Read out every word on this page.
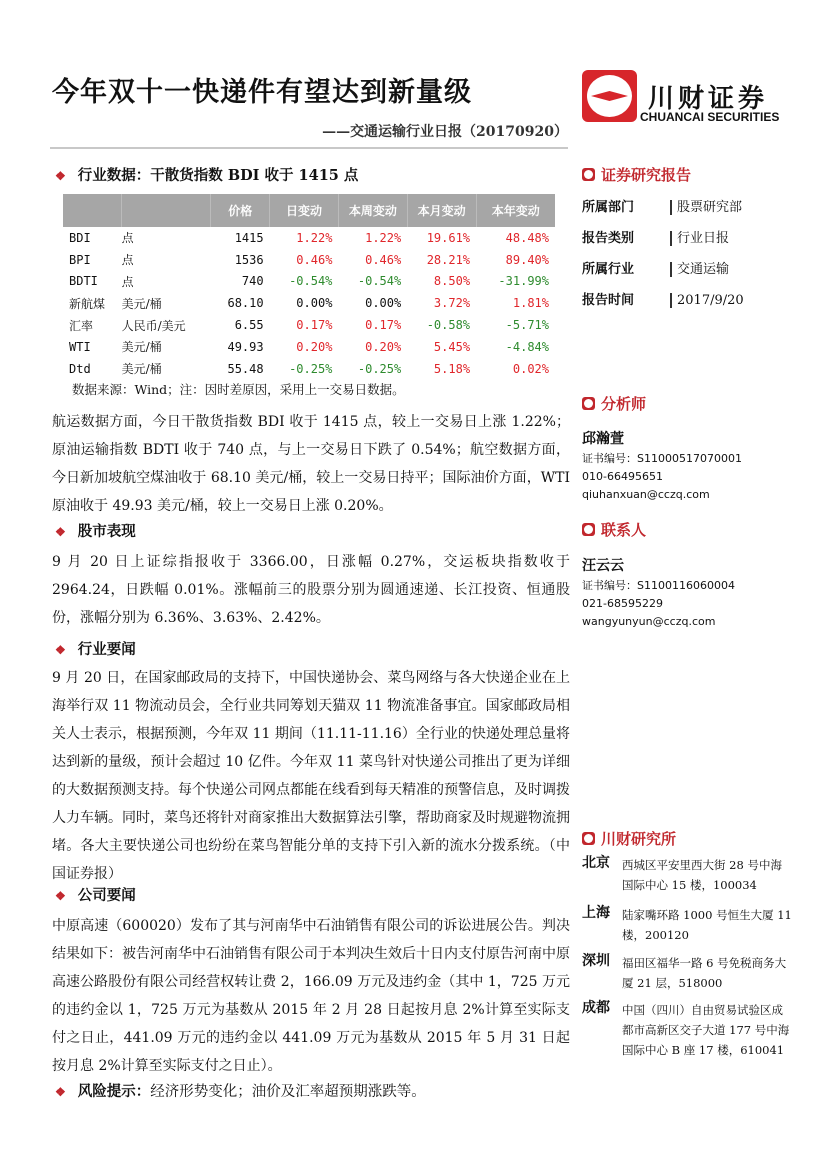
今年双十一快递件有望达到新量级
——交通运输行业日报（20170920）
川财证券
CHUANCAI SECURITIES
❖ 行业数据：干散货指数 BDI 收于 1415 点
		价格	日变动	本周变动	本月变动	本年变动
BDI	点	1415	1.22%	1.22%	19.61%	48.48%
BPI	点	1536	0.46%	0.46%	28.21%	89.40%
BDTI	点	740	-0.54%	-0.54%	8.50%	-31.99%
新航煤	美元/桶	68.10	0.00%	0.00%	3.72%	1.81%
汇率	人民币/美元	6.55	0.17%	0.17%	-0.58%	-5.71%
WTI	美元/桶	49.93	0.20%	0.20%	5.45%	-4.84%
Dtd	美元/桶	55.48	-0.25%	-0.25%	5.18%	0.02%
数据来源：Wind；注：因时差原因，采用上一交易日数据。
航运数据方面，今日干散货指数 BDI 收于 1415 点，较上一交易日上涨 1.22%；原油运输指数 BDTI 收于 740 点，与上一交易日下跌了 0.54%；航空数据方面，今日新加坡航空煤油收于 68.10 美元/桶，较上一交易日持平；国际油价方面，WTI 原油收于 49.93 美元/桶，较上一交易日上涨 0.20%。
❖ 股市表现
9 月 20 日上证综指报收于 3366.00，日涨幅 0.27%，交运板块指数收于 2964.24，日跌幅 0.01%。涨幅前三的股票分别为圆通速递、长江投资、恒通股份，涨幅分别为 6.36%、3.63%、2.42%。
❖ 行业要闻
9 月 20 日，在国家邮政局的支持下，中国快递协会、菜鸟网络与各大快递企业在上海举行双 11 物流动员会，全行业共同筹划天猫双 11 物流准备事宜。国家邮政局相关人士表示，根据预测，今年双 11 期间（11.11-11.16）全行业的快递处理总量将达到新的量级，预计会超过 10 亿件。今年双 11 菜鸟针对快递公司推出了更为详细的大数据预测支持。每个快递公司网点都能在线看到每天精准的预警信息，及时调拨人力车辆。同时，菜鸟还将针对商家推出大数据算法引擎，帮助商家及时规避物流拥堵。各大主要快递公司也纷纷在菜鸟智能分单的支持下引入新的流水分拨系统。（中国证券报）
❖ 公司要闻
中原高速（600020）发布了其与河南华中石油销售有限公司的诉讼进展公告。判决结果如下：被告河南华中石油销售有限公司于本判决生效后十日内支付原告河南中原高速公路股份有限公司经营权转让费 2，166.09 万元及违约金（其中 1，725 万元的违约金以 1，725 万元为基数从 2015 年 2 月 28 日起按月息 2%计算至实际支付之日止，441.09 万元的违约金以 441.09 万元为基数从 2015 年 5 月 31 日起按月息 2%计算至实际支付之日止）。
❖ 风险提示：经济形势变化；油价及汇率超预期涨跌等。
证券研究报告
所属部门	股票研究部
报告类别	行业日报
所属行业	交通运输
报告时间	2017/9/20
分析师
邱瀚萱
证书编号：S1100051707000​1
010-66495651
qiuhanxuan@cczq.com
联系人
汪云云
证书编号：S1100116060004
021-68595229
wangyunyun@cczq.com
川财研究所
北京 西城区平安里西大街 28 号中海国际中心 15 楼，100034
上海 陆家嘴环路 1000 号恒生大厦 11 楼，200120
深圳 福田区福华一路 6 号免税商务大厦 21 层，518000
成都 中国（四川）自由贸易试验区成都市高新区交子大道 177 号中海国际中心 B 座 17 楼，610041
